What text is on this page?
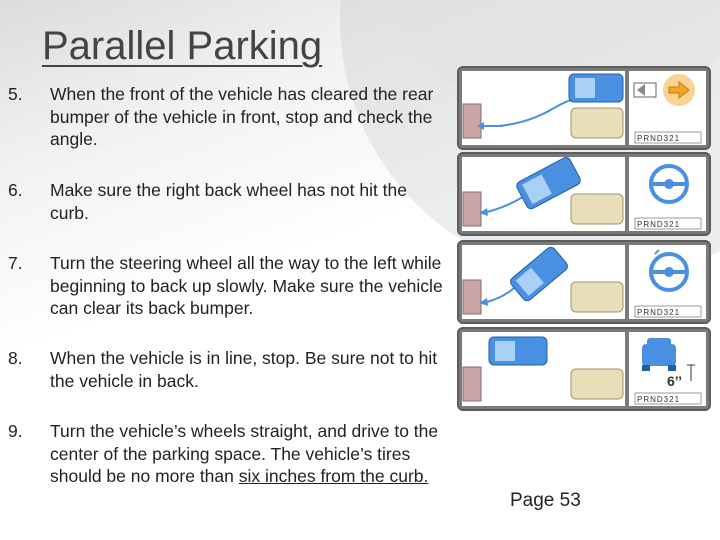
Parallel Parking
5. When the front of the vehicle has cleared the rear bumper of the vehicle in front, stop and check the angle.
6. Make sure the right back wheel has not hit the curb.
7. Turn the steering wheel all the way to the left while beginning to back up slowly. Make sure the vehicle can clear its back bumper.
8. When the vehicle is in line, stop. Be sure not to hit the vehicle in back.
9. Turn the vehicle’s wheels straight, and drive to the center of the parking space. The vehicle’s tires should be no more than six inches from the curb.
PRND321
PRND321
PRND321
6’’
PRND321
Page 53
